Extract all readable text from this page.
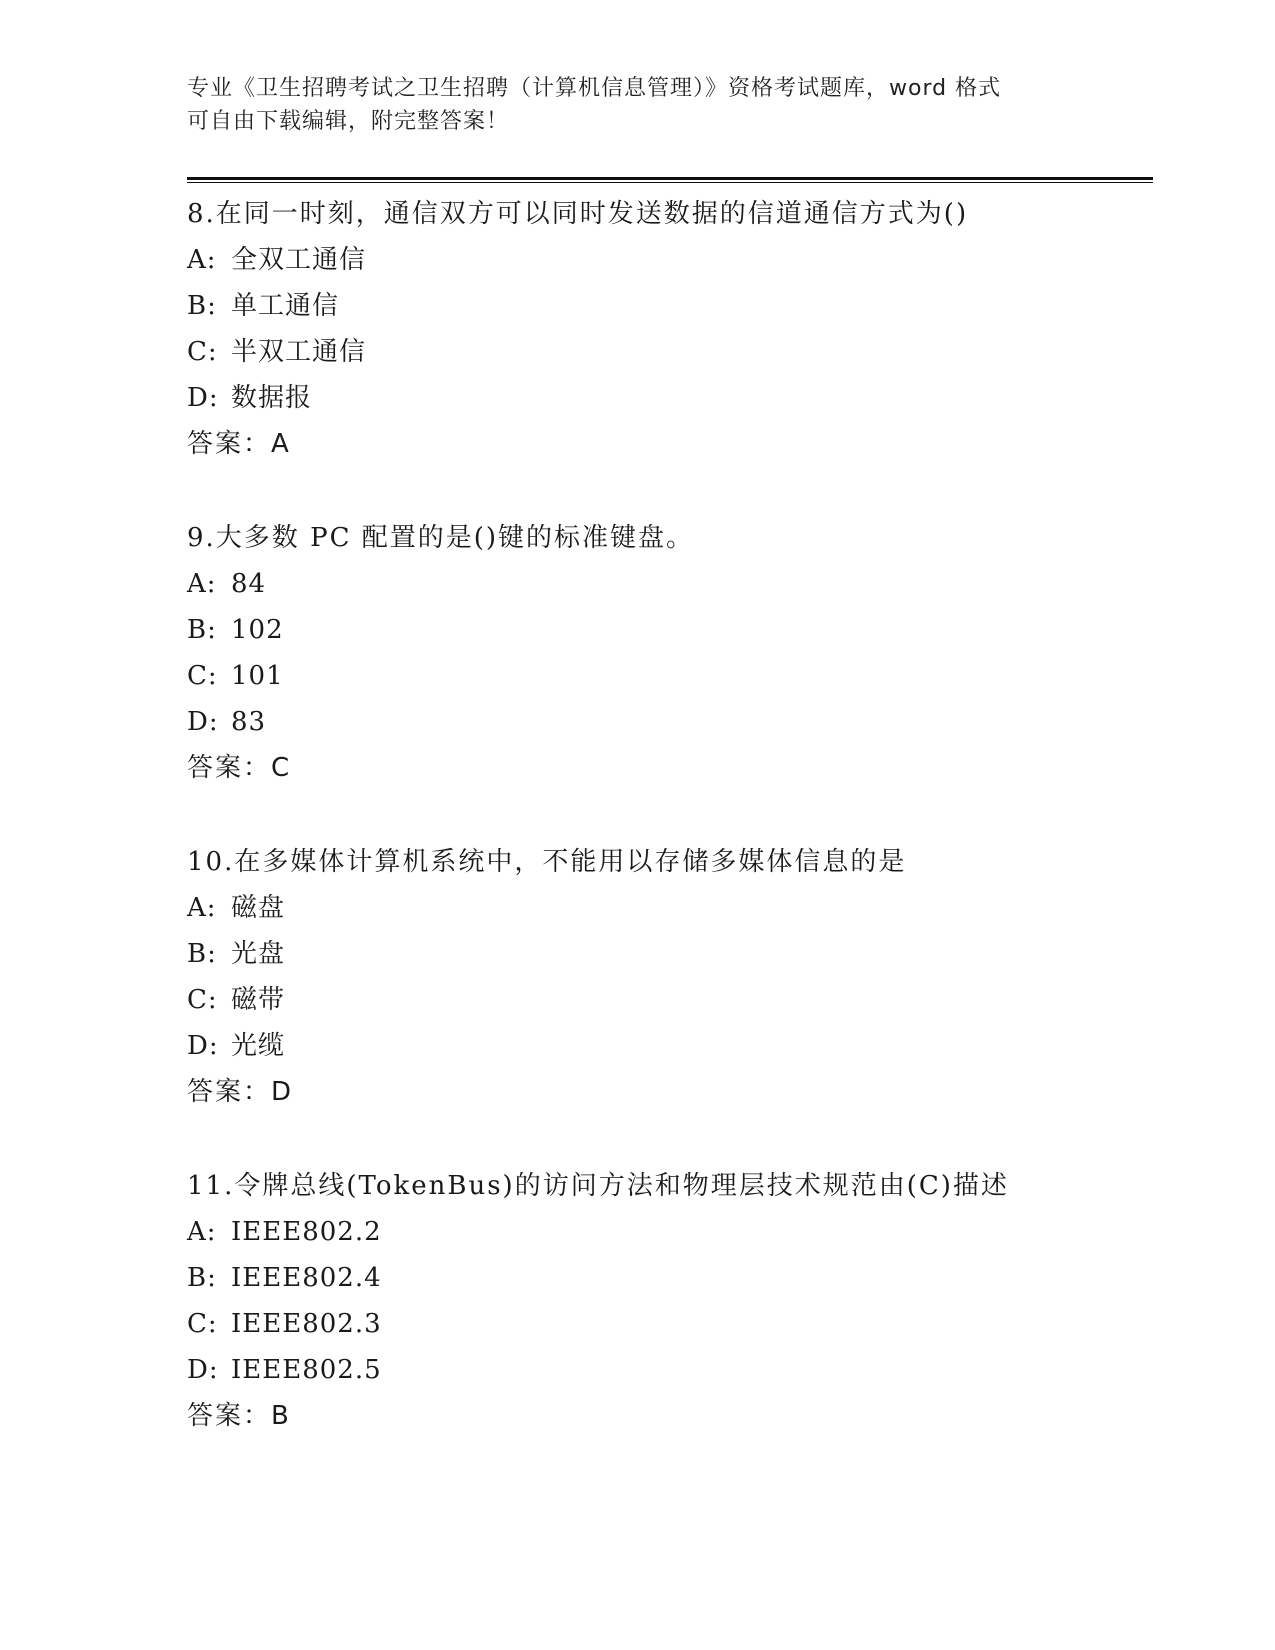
专业《卫生招聘考试之卫生招聘（计算机信息管理）》资格考试题库，word 格式
可自由下载编辑，附完整答案！
8.在同一时刻，通信双方可以同时发送数据的信道通信方式为()
A: 全双工通信
B: 单工通信
C: 半双工通信
D: 数据报
答案：A
9.大多数 PC 配置的是()键的标准键盘。
A: 84
B: 102
C: 101
D: 83
答案：C
10.在多媒体计算机系统中，不能用以存储多媒体信息的是
A: 磁盘
B: 光盘
C: 磁带
D: 光缆
答案：D
11.令牌总线(TokenBus)的访问方法和物理层技术规范由(C)描述
A: IEEE802.2
B: IEEE802.4
C: IEEE802.3
D: IEEE802.5
答案：B
